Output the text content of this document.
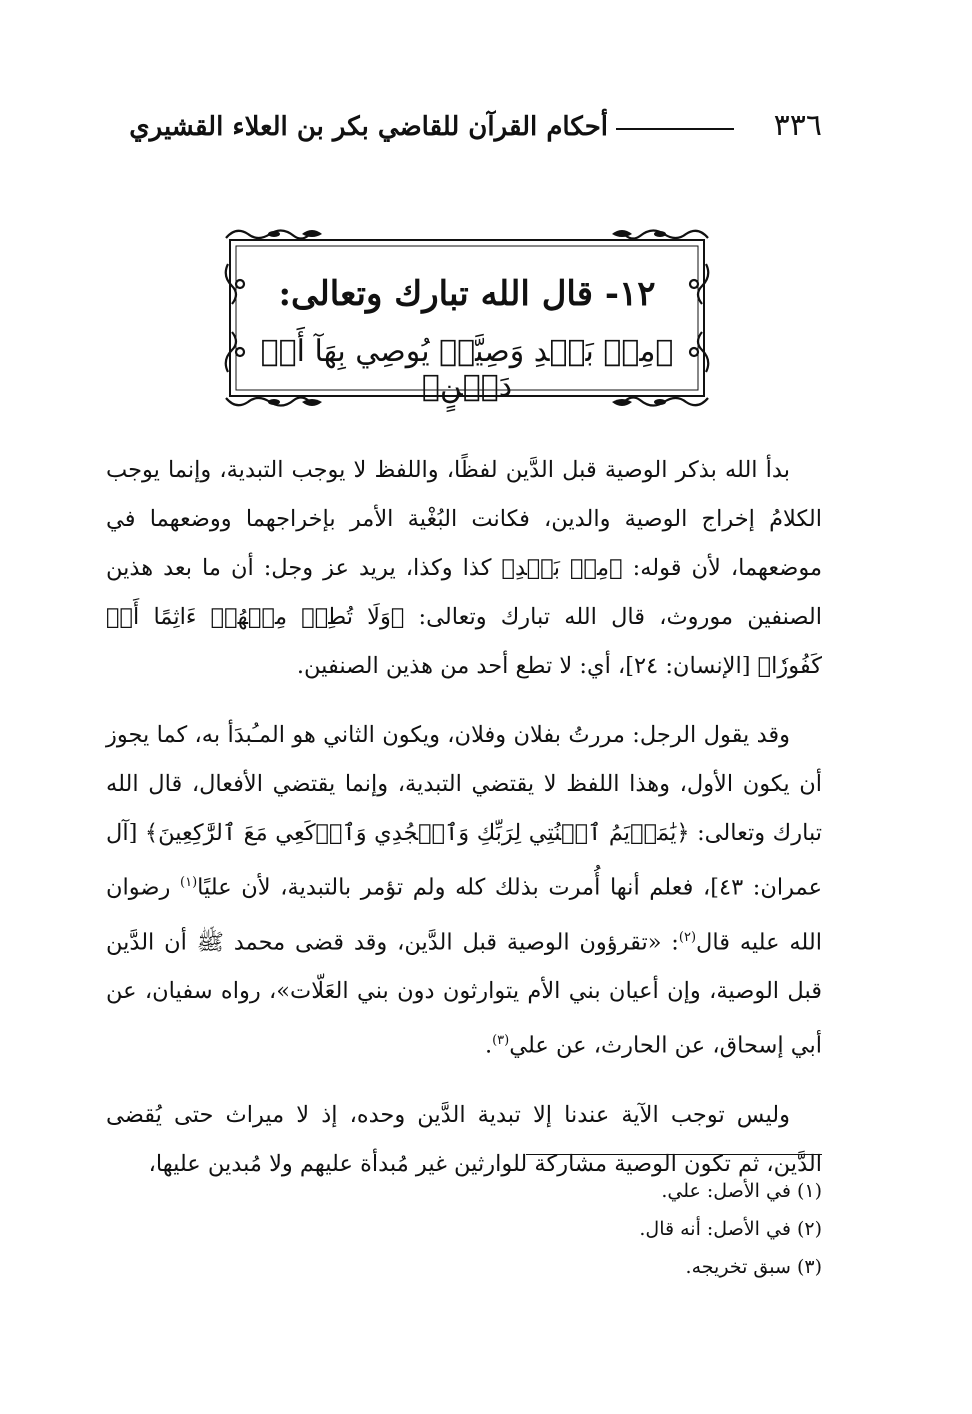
٣٣٦
أحكام القرآن للقاضي بكر بن العلاء القشيري
١٢- قال الله تبارك وتعالى:
﴿مِنۢ بَعۡدِ وَصِيَّةٖ يُوصِي بِهَآ أَوۡ دَيۡنٍ﴾

بدأ الله بذكر الوصية قبل الدَّين لفظًا، واللفظ لا يوجب التبدية، وإنما يوجب الكلامُ إخراج الوصية والدين، فكانت البُغْية الأمر بإخراجهما ووضعهما في موضعهما، لأن قوله: ﴿مِنۢ بَعۡدِ﴾ كذا وكذا، يريد عز وجل: أن ما بعد هذين الصنفين موروث، قال الله تبارك وتعالى: ﴿وَلَا تُطِعۡ مِنۡهُمۡ ءَاثِمًا أَوۡ كَفُورٗا﴾ [الإنسان: ٢٤]، أي: لا تطع أحد من هذين الصنفين.

وقد يقول الرجل: مررتُ بفلان وفلان، ويكون الثاني هو المـُبدَأ به، كما يجوز أن يكون الأول، وهذا اللفظ لا يقتضي التبدية، وإنما يقتضي الأفعال، قال الله تبارك وتعالى: ﴿يَٰمَرۡيَمُ ٱقۡنُتِي لِرَبِّكِ وَٱسۡجُدِي وَٱرۡكَعِي مَعَ ٱلرَّٰكِعِينَ﴾ [آل عمران: ٤٣]، فعلم أنها أُمرت بذلك كله ولم تؤمر بالتبدية، لأن عليًا$^{(١)}$ رضوان الله عليه قال$^{(٢)}$: «تقرؤون الوصية قبل الدَّين، وقد قضى محمد ﷺ أن الدَّين قبل الوصية، وإن أعيان بني الأم يتوارثون دون بني العَلّات»، رواه سفيان، عن أبي إسحاق، عن الحارث، عن علي$^{(٣)}$.

وليس توجب الآية عندنا إلا تبدية الدَّين وحده، إذ لا ميراث حتى يُقضى الدَّين، ثم تكون الوصية مشاركة للوارثين غير مُبدأة عليهم ولا مُبدين عليها،

(١) في الأصل: علي.
(٢) في الأصل: أنه قال.
(٣) سبق تخريجه.
